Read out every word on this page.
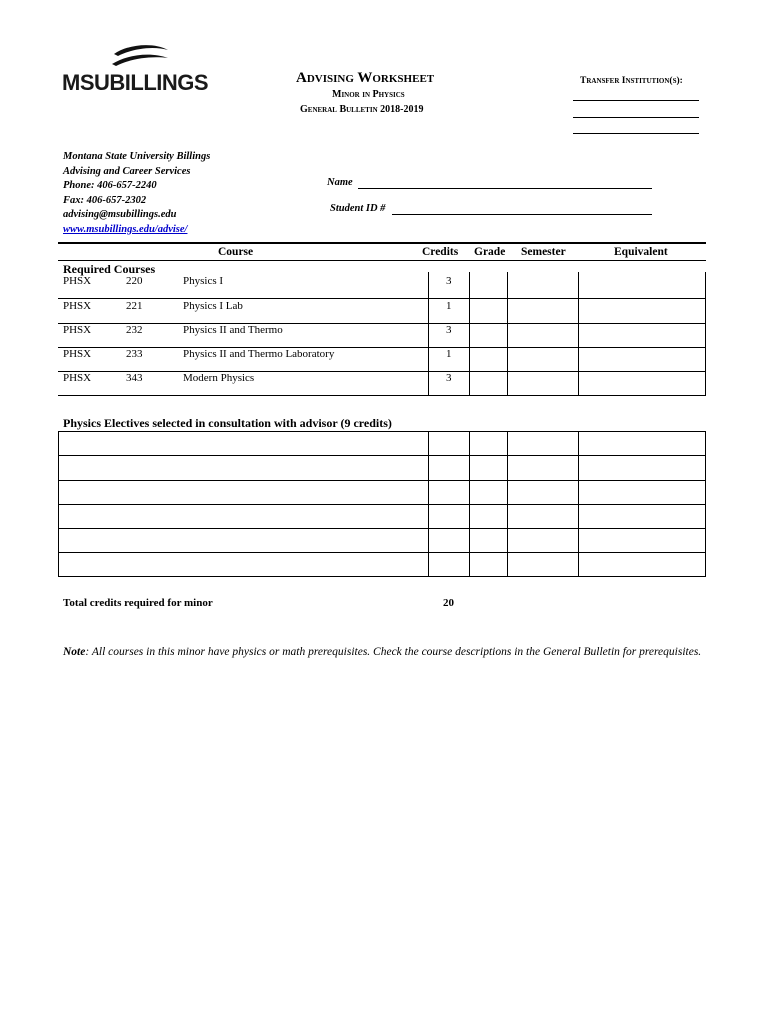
MSUBILLINGS	Advising Worksheet
Minor in Physics
General Bulletin 2018-2019
Transfer Institution(s):
Montana State University Billings
Advising and Career Services
Phone: 406-657-2240
Fax: 406-657-2302
advising@msubillings.edu
www.msubillings.edu/advise/
Name
Student ID #
Course	Credits Grade Semester	Equivalent
Required Courses
PHSX	220	Physics I	3
PHSX	221	Physics I Lab	1
PHSX	232	Physics II and Thermo	3
PHSX	233	Physics II and Thermo Laboratory	1
PHSX	343	Modern Physics	3
Physics Electives selected in consultation with advisor (9 credits)
Total credits required for minor	20
Note: All courses in this minor have physics or math prerequisites. Check the course descriptions in the General Bulletin for prerequisites.
